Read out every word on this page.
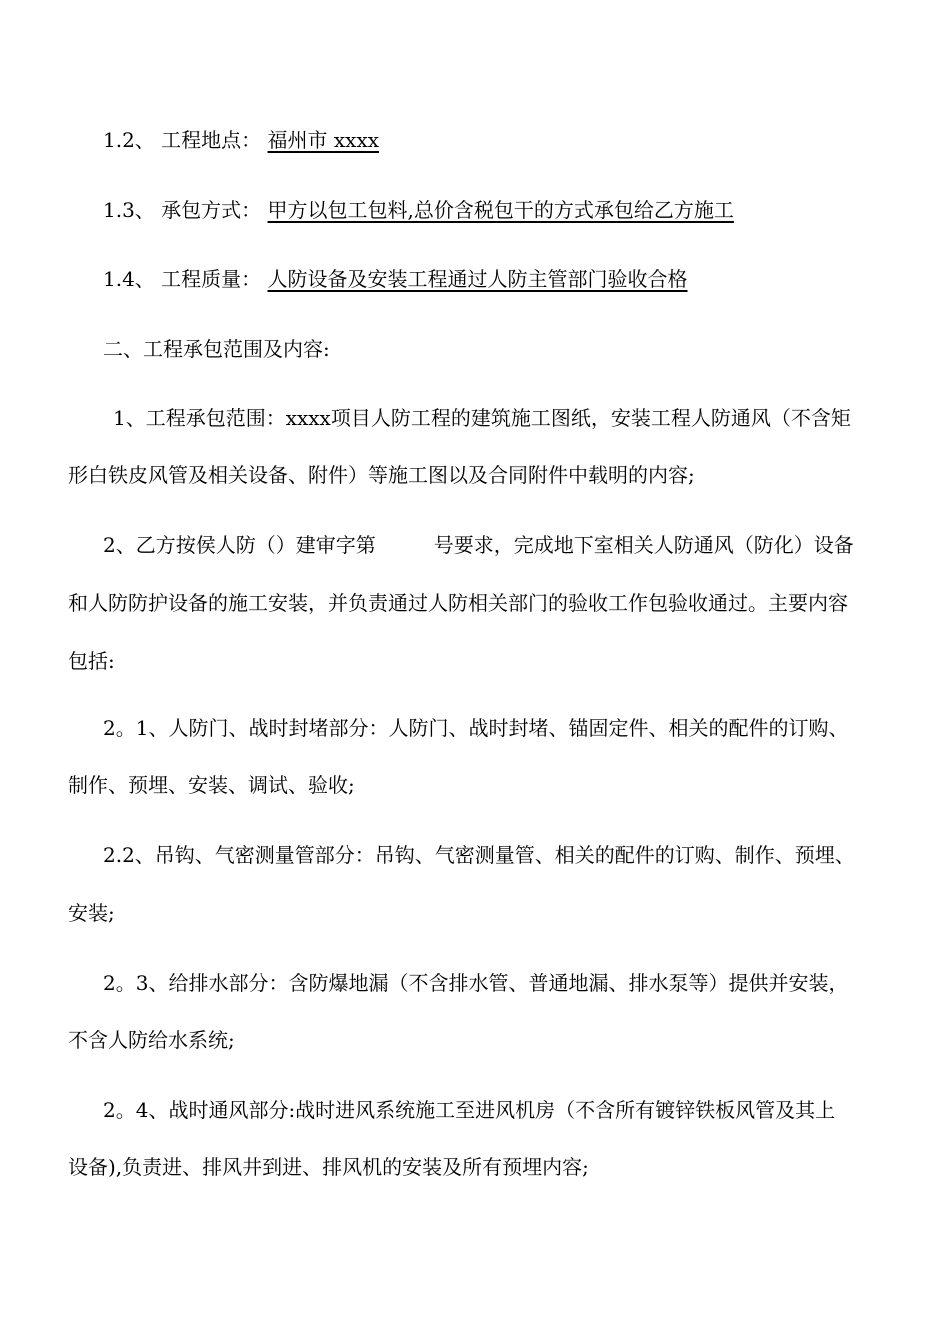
1.2、 工程地点： 福州市 xxxx
1.3、 承包方式： 甲方以包工包料,总价含税包干的方式承包给乙方施工
1.4、 工程质量： 人防设备及安装工程通过人防主管部门验收合格
二、工程承包范围及内容:
1、工程承包范围：xxxx项目人防工程的建筑施工图纸，安装工程人防通风（不含矩
形白铁皮风管及相关设备、附件）等施工图以及合同附件中载明的内容;
2、乙方按侯人防（）建审字第	号要求，完成地下室相关人防通风（防化）设备
和人防防护设备的施工安装，并负责通过人防相关部门的验收工作包验收通过。主要内容
包括:
2。1、人防门、战时封堵部分：人防门、战时封堵、锚固定件、相关的配件的订购、
制作、预埋、安装、调试、验收;
2.2、吊钩、气密测量管部分：吊钩、气密测量管、相关的配件的订购、制作、预埋、
安装;
2。3、给排水部分：含防爆地漏（不含排水管、普通地漏、排水泵等）提供并安装，
不含人防给水系统;
2。4、战时通风部分:战时进风系统施工至进风机房（不含所有镀锌铁板风管及其上
设备),负责进、排风井到进、排风机的安装及所有预埋内容;
